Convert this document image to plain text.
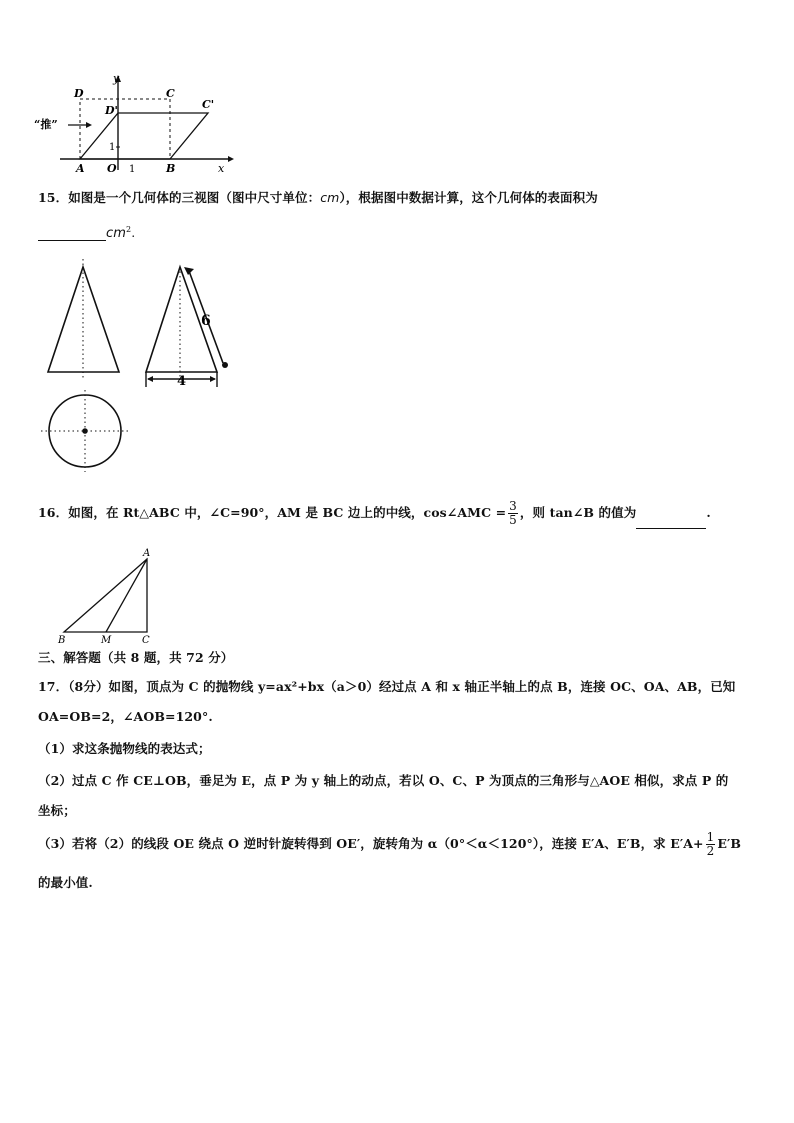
y
D	C
D'	C'
“推”
1
A O 1	B	x
15．如图是一个几何体的三视图（图中尺寸单位：cm），根据图中数据计算，这个几何体的表面积为
$cm^2$.
6
4
16．如图，在 Rt△ABC 中，∠C=90°，AM 是 BC 边上的中线，cos∠AMC = $\frac{3}{5}$ ，则 tan∠B 的值为	.
A
B	M	C
三、解答题（共 8 题，共 72 分）
17．（8分）如图，顶点为 C 的抛物线 y=ax²+bx（a＞0）经过点 A 和 x 轴正半轴上的点 B，连接 OC、OA、AB，已知
OA=OB=2，∠AOB=120°.
（1）求这条抛物线的表达式；
（2）过点 C 作 CE⊥OB，垂足为 E，点 P 为 y 轴上的动点，若以 O、C、P 为顶点的三角形与△AOE 相似，求点 P 的
坐标；
（3）若将（2）的线段 OE 绕点 O 逆时针旋转得到 OE′，旋转角为 α（0°＜α＜120°），连接 E′A、E′B，求 $E'A+ \frac{1}{2} E'B$
的最小值.
